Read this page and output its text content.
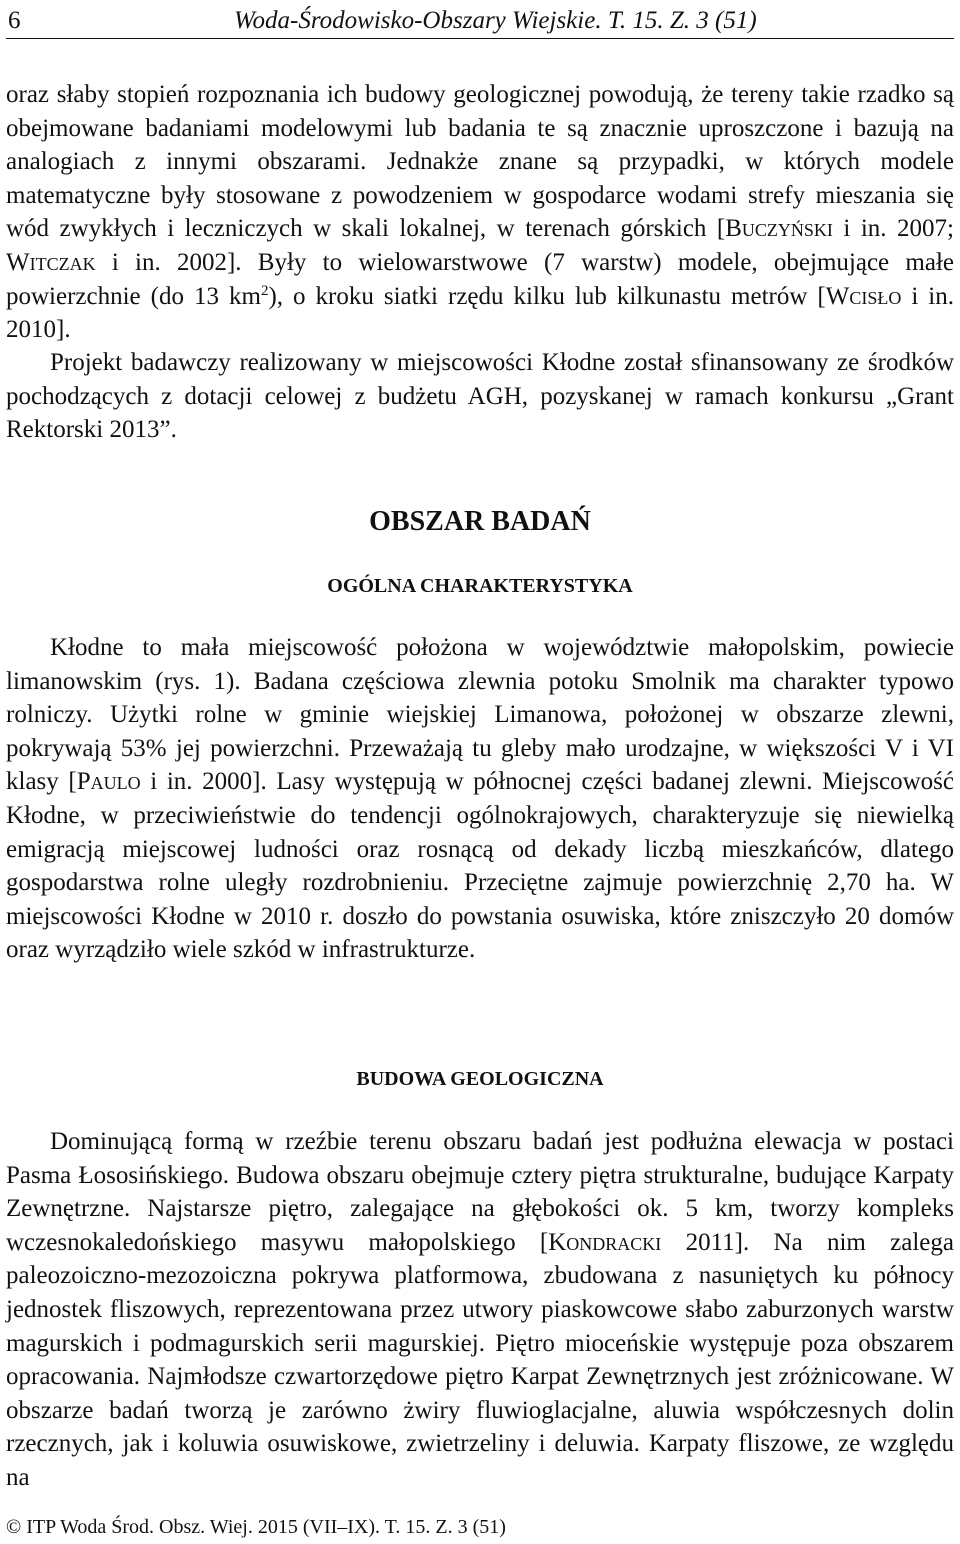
6	Woda-Środowisko-Obszary Wiejskie. T. 15. Z. 3 (51)

oraz słaby stopień rozpoznania ich budowy geologicznej powodują, że tereny takie rzadko są obejmowane badaniami modelowymi lub badania te są znacznie uproszczone i bazują na analogiach z innymi obszarami. Jednakże znane są przypadki, w których modele matematyczne były stosowane z powodzeniem w gospodarce wodami strefy mieszania się wód zwykłych i leczniczych w skali lokalnej, w terenach górskich [Buczyński i in. 2007; Witczak i in. 2002]. Były to wielowarstwowe (7 warstw) modele, obejmujące małe powierzchnie (do 13 $km^2$), o kroku siatki rzędu kilku lub kilkunastu metrów [Wcisło i in. 2010].

Projekt badawczy realizowany w miejscowości Kłodne został sfinansowany ze środków pochodzących z dotacji celowej z budżetu AGH, pozyskanej w ramach konkursu „Grant Rektorski 2013”.

OBSZAR BADAŃ
OGÓLNA CHARAKTERYSTYKA

Kłodne to mała miejscowość położona w województwie małopolskim, powiecie limanowskim (rys. 1). Badana częściowa zlewnia potoku Smolnik ma charakter typowo rolniczy. Użytki rolne w gminie wiejskiej Limanowa, położonej w obszarze zlewni, pokrywają 53% jej powierzchni. Przeważają tu gleby mało urodzajne, w większości V i VI klasy [Paulo i in. 2000]. Lasy występują w północnej części badanej zlewni. Miejscowość Kłodne, w przeciwieństwie do tendencji ogólnokrajowych, charakteryzuje się niewielką emigracją miejscowej ludności oraz rosnącą od dekady liczbą mieszkańców, dlatego gospodarstwa rolne uległy rozdrobnieniu. Przeciętne zajmuje powierzchnię 2,70 ha. W miejscowości Kłodne w 2010 r. doszło do powstania osuwiska, które zniszczyło 20 domów oraz wyrządziło wiele szkód w infrastrukturze.

BUDOWA GEOLOGICZNA

Dominującą formą w rzeźbie terenu obszaru badań jest podłużna elewacja w postaci Pasma Łososińskiego. Budowa obszaru obejmuje cztery piętra strukturalne, budujące Karpaty Zewnętrzne. Najstarsze piętro, zalegające na głębokości ok. 5 km, tworzy kompleks wczesnokaledońskiego masywu małopolskiego [Kondracki 2011]. Na nim zalega paleozoiczno-mezozoiczna pokrywa platformowa, zbudowana z nasuniętych ku północy jednostek fliszowych, reprezentowana przez utwory piaskowcowe słabo zaburzonych warstw magurskich i podmagurskich serii magurskiej. Piętro mioceńskie występuje poza obszarem opracowania. Najmłodsze czwartorzędowe piętro Karpat Zewnętrznych jest zróżnicowane. W obszarze badań tworzą je zarówno żwiry fluwioglacjalne, aluwia współczesnych dolin rzecznych, jak i koluwia osuwiskowe, zwietrzeliny i deluwia. Karpaty fliszowe, ze względu na

© ITP Woda Środ. Obsz. Wiej. 2015 (VII–IX). T. 15. Z. 3 (51)
